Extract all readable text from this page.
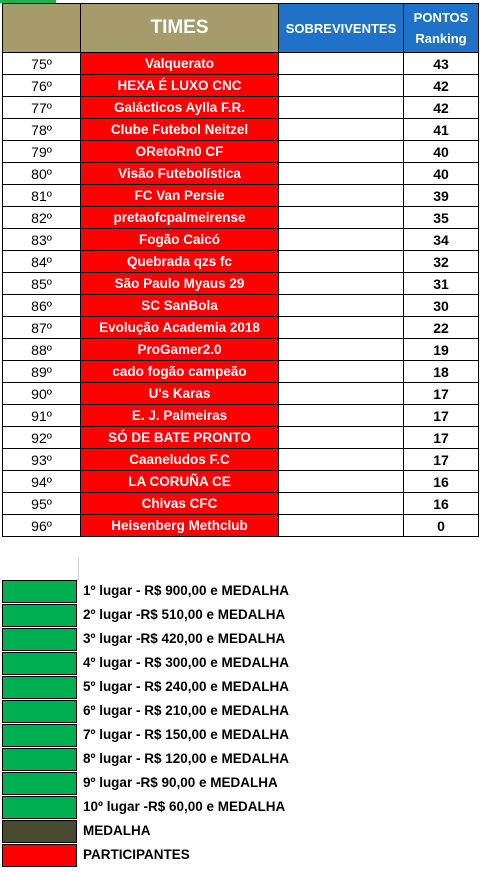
	TIMES	SOBREVIVENTES	PONTOS
Ranking

75º	Valquerato		43
76º	HEXA É LUXO CNC		42
77º	Galácticos Aylla F.R.		42
78º	Clube Futebol Neitzel		41
79º	ORetoRn0 CF		40
80º	Visão Futebolística		40
81º	FC Van Persie		39
82º	pretaofcpalmeirense		35
83º	Fogão Caicó		34
84º	Quebrada qzs fc		32
85º	São Paulo Myaus 29		31
86º	SC SanBola		30
87º	Evolução Academia 2018		22
88º	ProGamer2.0		19
89º	cado fogão campeão		18
90º	U's Karas		17
91º	E. J. Palmeiras		17
92º	SÓ DE BATE PRONTO		17
93º	Caaneludos F.C		17
94º	LA CORUÑA CE		16
95º	Chivas CFC		16
96º	Heisenberg Methclub		0
1º lugar - R$ 900,00 e MEDALHA
2º lugar -R$ 510,00 e MEDALHA
3º lugar -R$ 420,00 e MEDALHA
4º lugar - R$ 300,00 e MEDALHA
5º lugar - R$ 240,00 e MEDALHA
6º lugar - R$ 210,00 e MEDALHA
7º lugar - R$ 150,00 e MEDALHA
8º lugar - R$ 120,00 e MEDALHA
9º lugar -R$ 90,00 e MEDALHA
10º lugar -R$ 60,00 e MEDALHA
MEDALHA
PARTICIPANTES
